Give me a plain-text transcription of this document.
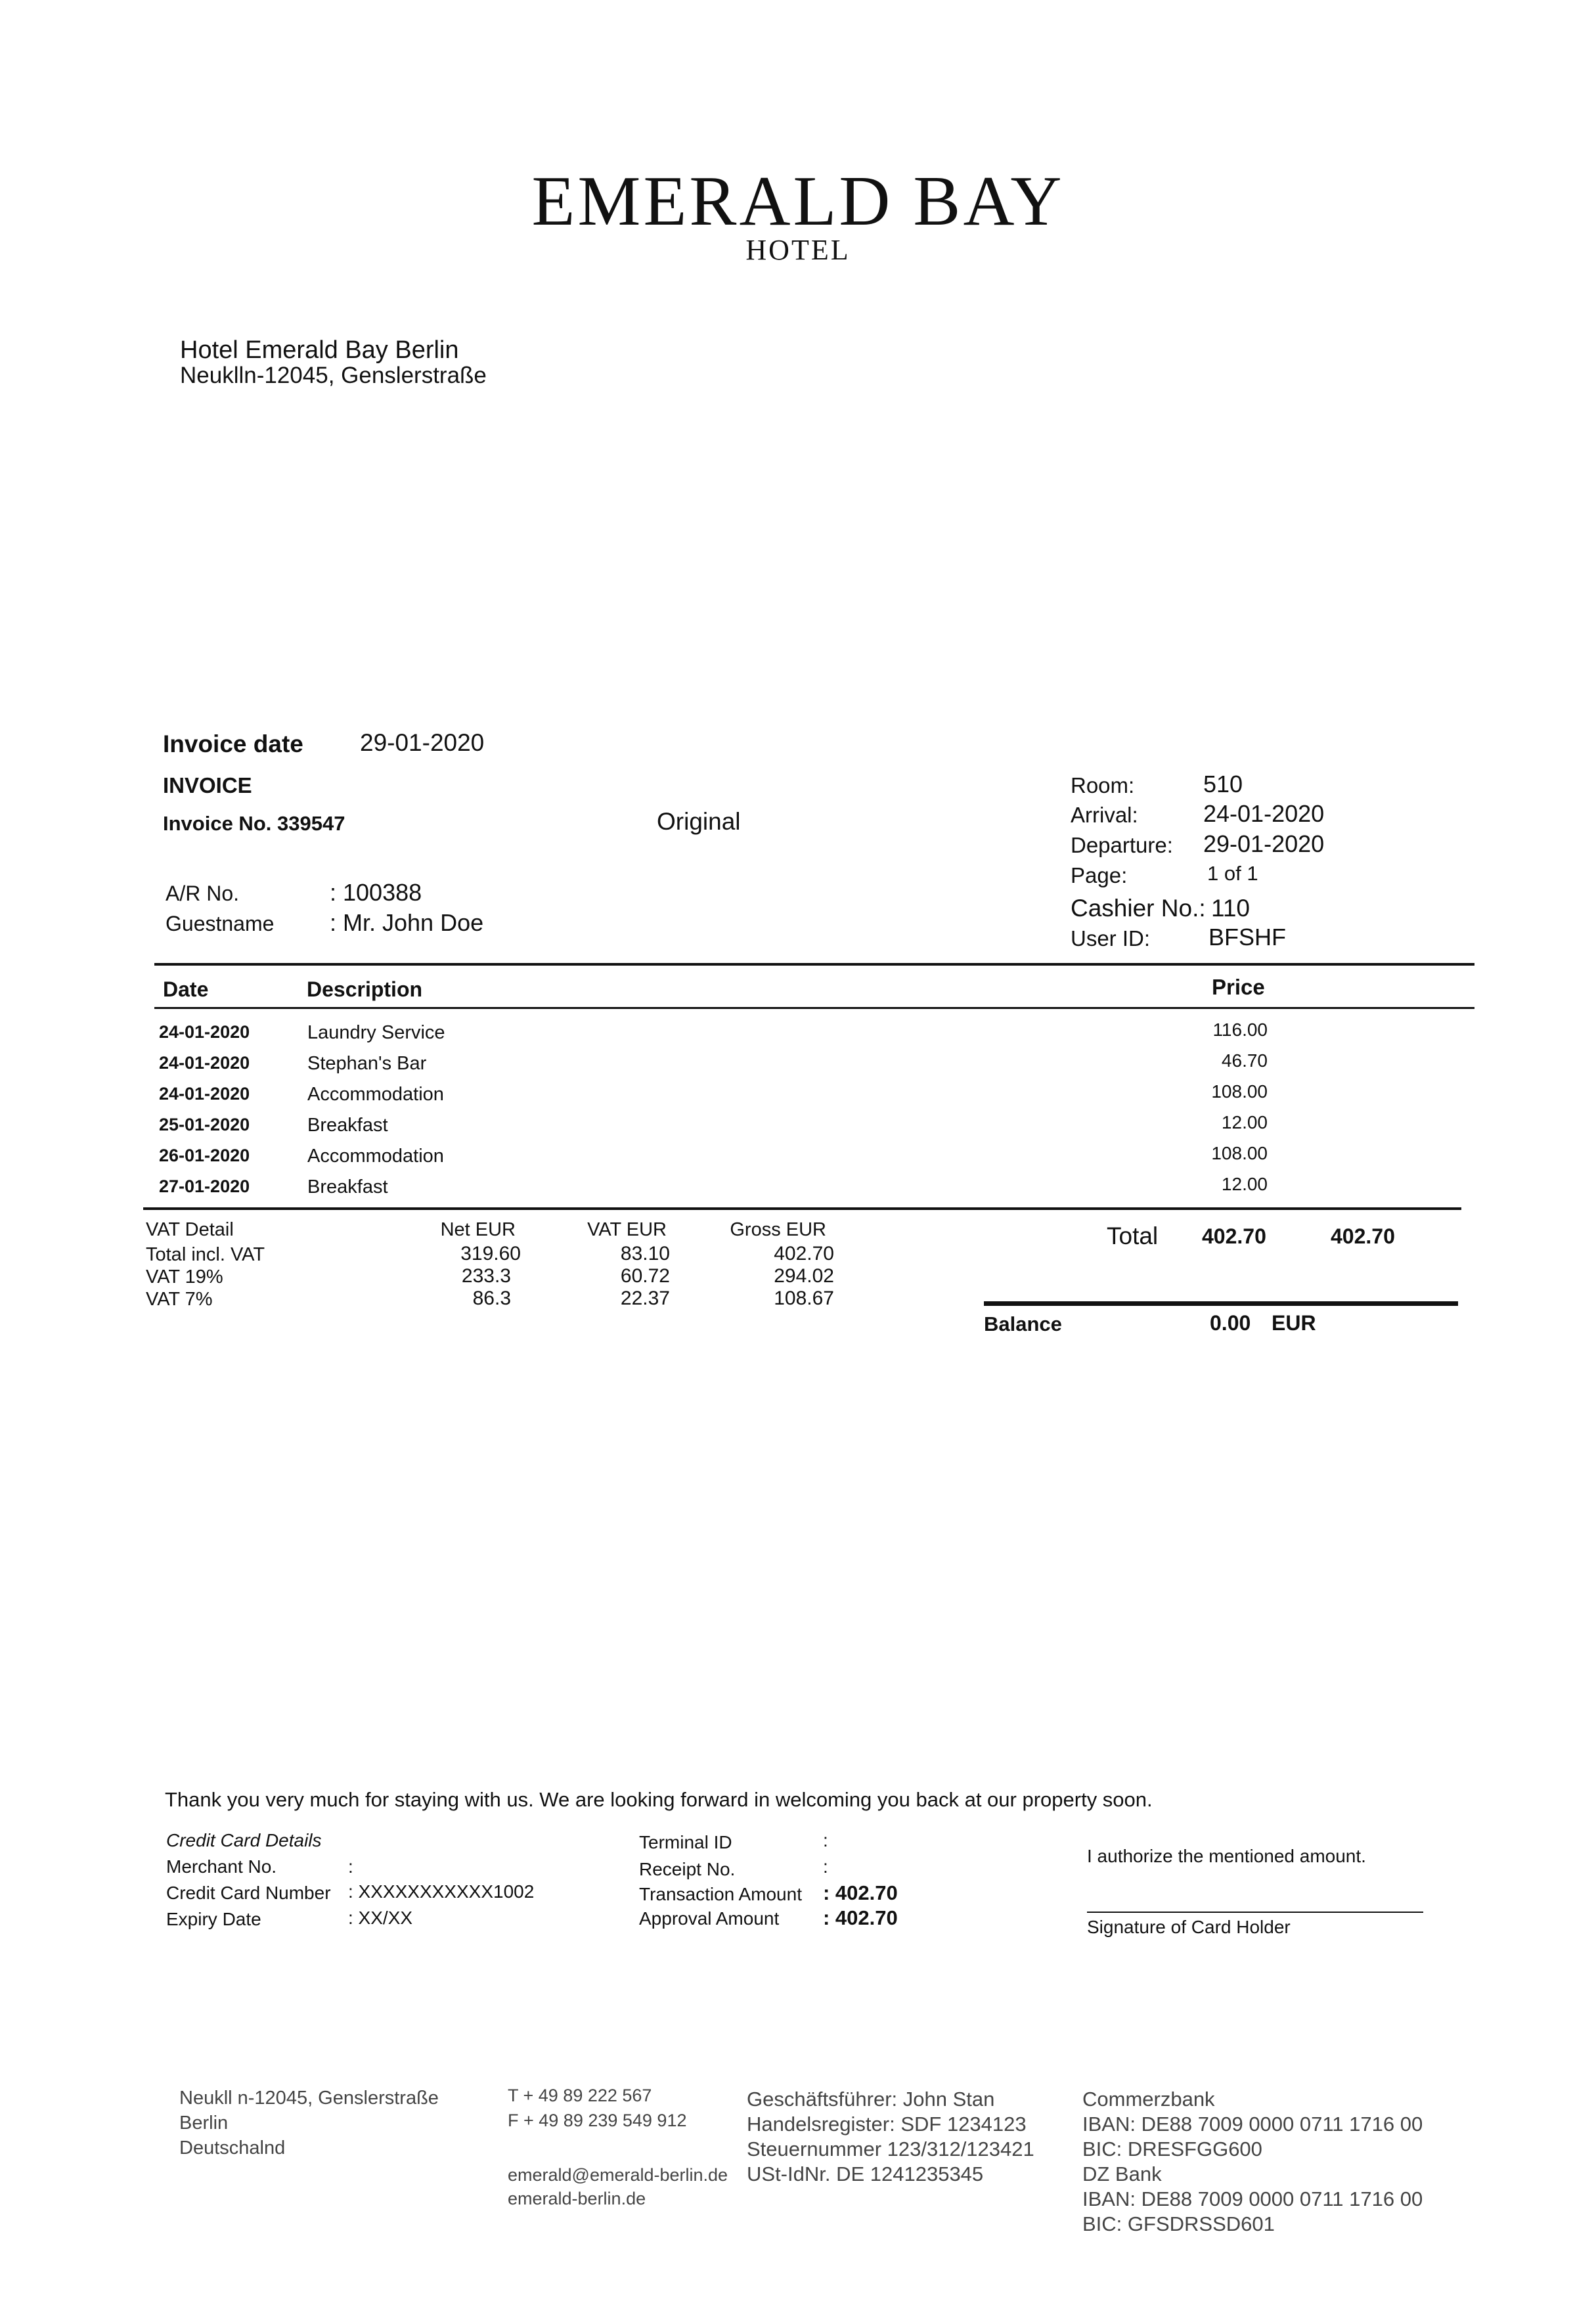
EMERALD BAY
HOTEL
Hotel Emerald Bay Berlin
Neuklln-12045, Genslerstraße
Invoice date 29-01-2020
INVOICE
Invoice No. 339547	Original
A/R No.	: 100388
Guestname : Mr. John Doe
Room:	510
Arrival:	24-01-2020
Departure: 29-01-2020
Page:	1 of 1
Cashier No.: 110
User ID: BFSHF
Date	Description	Price
24-01-2020	Laundry Service	116.00
24-01-2020	Stephan's Bar	46.70
24-01-2020	Accommodation	108.00
25-01-2020	Breakfast	12.00
26-01-2020	Accommodation	108.00
27-01-2020	Breakfast	12.00
VAT Detail	Net EUR	VAT EUR	Gross EUR
Total incl. VAT	319.60	83.10	402.70
VAT 19%	233.3	60.72	294.02
VAT 7%	86.3	22.37	108.67
Total 402.70	402.70
Balance	0.00 EUR
Thank you very much for staying with us. We are looking forward in welcoming you back at our property soon.
Credit Card Details
Merchant No.	:
Credit Card Number : XXXXXXXXXXX1002
Expiry Date	: XX/XX
Terminal ID	:
Receipt No.	:
Transaction Amount : 402.70
Approval Amount : 402.70
I authorize the mentioned amount.
Signature of Card Holder
Neukll n-12045, Genslerstraße
Berlin
Deutschalnd
T + 49 89 222 567
F + 49 89 239 549 912
emerald@emerald-berlin.de
emerald-berlin.de
Geschäftsführer: John Stan
Handelsregister: SDF 1234123
Steuernummer 123/312/123421
USt-IdNr. DE 1241235345
Commerzbank
IBAN: DE88 7009 0000 0711 1716 00
BIC: DRESFGG600
DZ Bank
IBAN: DE88 7009 0000 0711 1716 00
BIC: GFSDRSSD601
